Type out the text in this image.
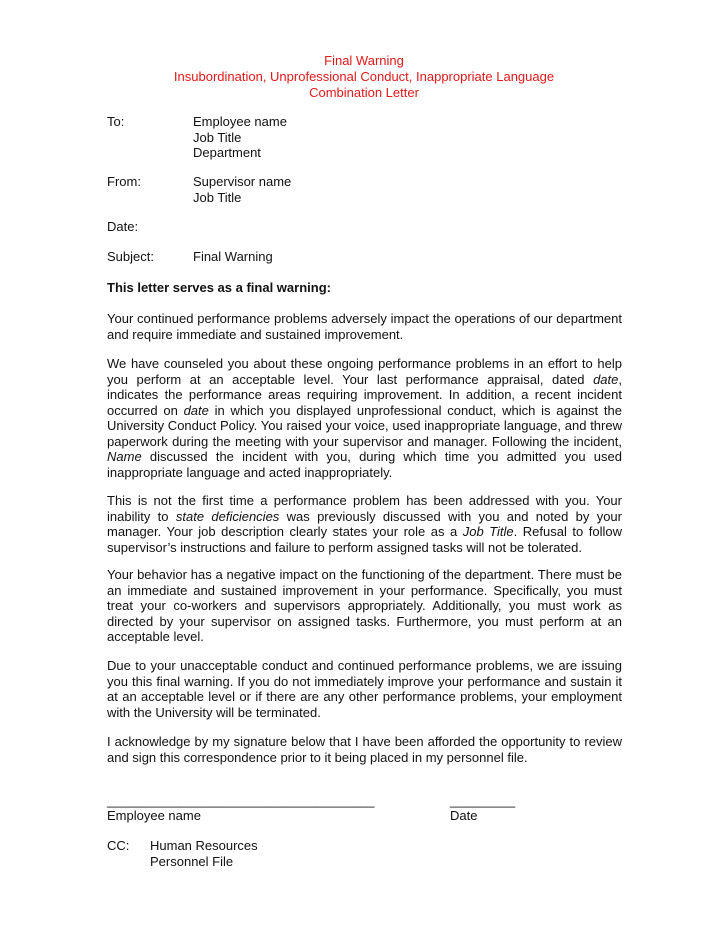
Final Warning
Insubordination, Unprofessional Conduct, Inappropriate Language
Combination Letter
To:	Employee name
Job Title
Department
From:	Supervisor name
Job Title
Date:
Subject:	Final Warning
This letter serves as a final warning:

Your continued performance problems adversely impact the operations of our department and require immediate and sustained improvement.

We have counseled you about these ongoing performance problems in an effort to help you perform at an acceptable level. Your last performance appraisal, dated date, indicates the performance areas requiring improvement. In addition, a recent incident occurred on date in which you displayed unprofessional conduct, which is against the University Conduct Policy. You raised your voice, used inappropriate language, and threw paperwork during the meeting with your supervisor and manager. Following the incident, Name discussed the incident with you, during which time you admitted you used inappropriate language and acted inappropriately.

This is not the first time a performance problem has been addressed with you. Your inability to state deficiencies was previously discussed with you and noted by your manager. Your job description clearly states your role as a Job Title. Refusal to follow supervisor’s instructions and failure to perform assigned tasks will not be tolerated.

Your behavior has a negative impact on the functioning of the department. There must be an immediate and sustained improvement in your performance. Specifically, you must treat your co-workers and supervisors appropriately. Additionally, you must work as directed by your supervisor on assigned tasks. Furthermore, you must perform at an acceptable level.

Due to your unacceptable conduct and continued performance problems, we are issuing you this final warning. If you do not immediately improve your performance and sustain it at an acceptable level or if there are any other performance problems, your employment with the University will be terminated.

I acknowledge by my signature below that I have been afforded the opportunity to review and sign this correspondence prior to it being placed in my personnel file.

_____________________________________	_________
Employee name	Date
CC: Human Resources
Personnel File
